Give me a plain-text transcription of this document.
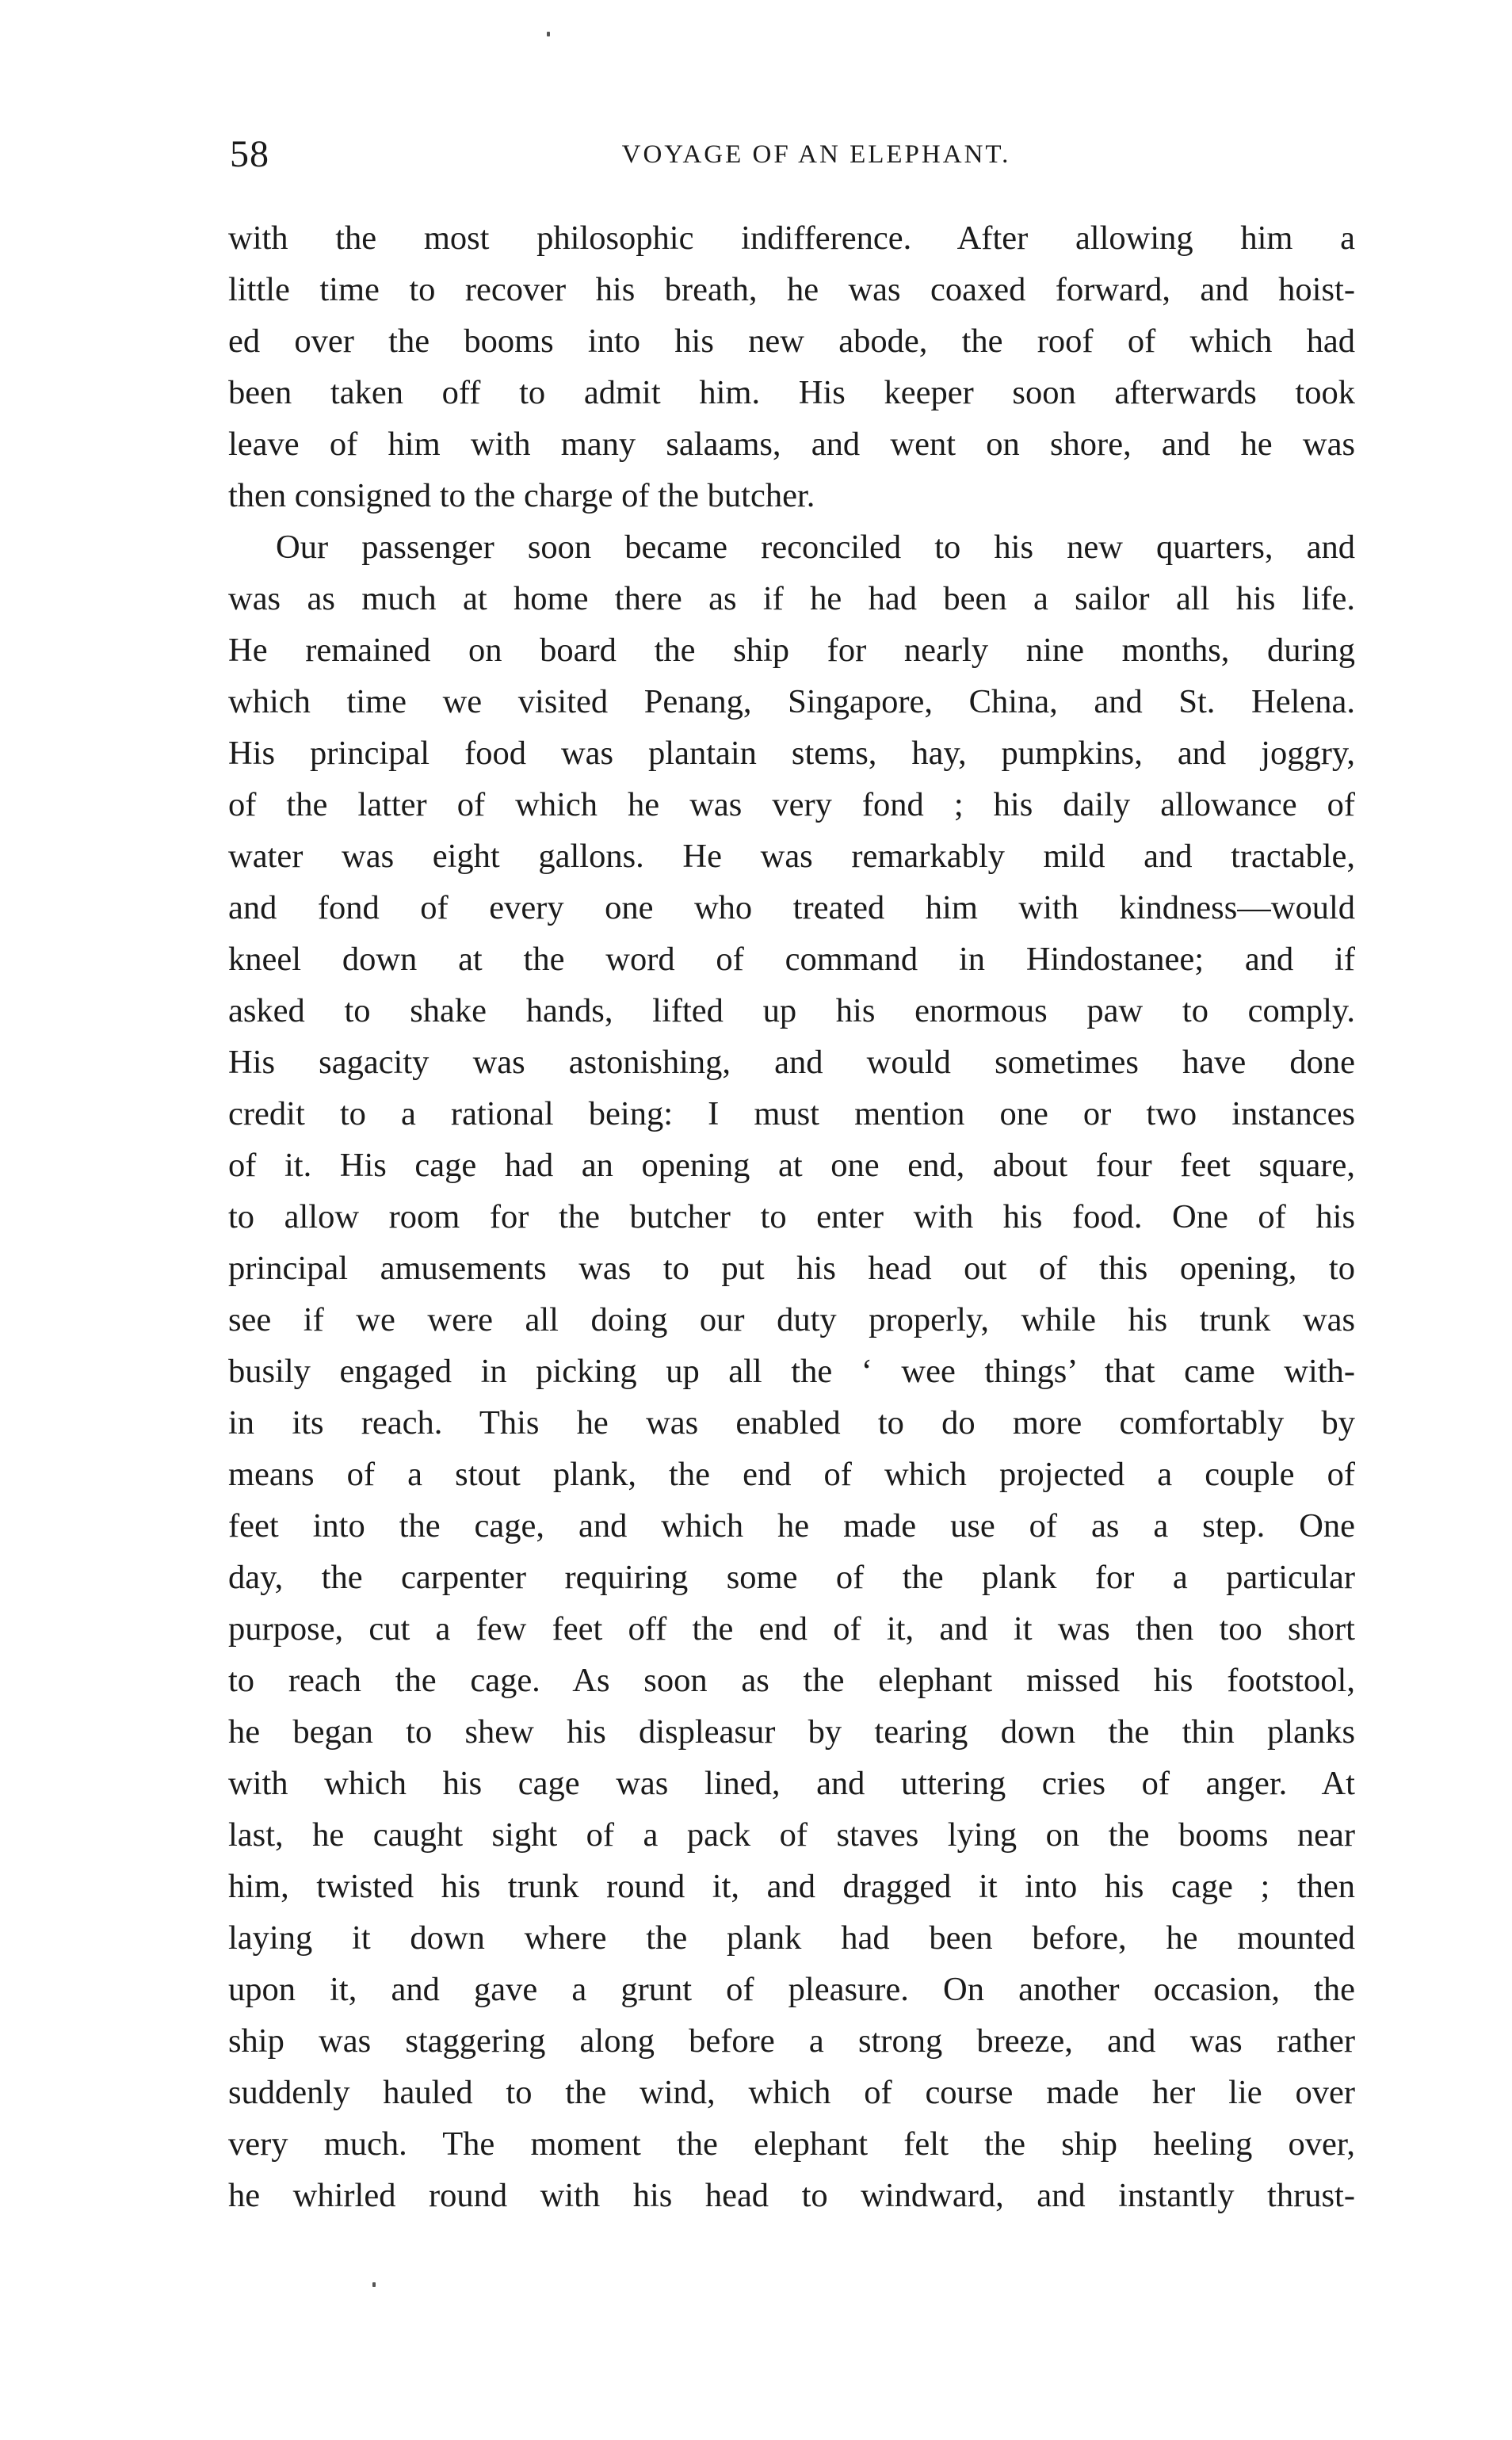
58	VOYAGE OF AN ELEPHANT.
with the most philosophic indifference. After allowing him a
little time to recover his breath, he was coaxed forward, and hoist-
ed over the booms into his new abode, the roof of which had
been taken off to admit him. His keeper soon afterwards took
leave of him with many salaams, and went on shore, and he was
then consigned to the charge of the butcher.
Our passenger soon became reconciled to his new quarters, and
was as much at home there as if he had been a sailor all his life.
He remained on board the ship for nearly nine months, during
which time we visited Penang, Singapore, China, and St. Helena.
His principal food was plantain stems, hay, pumpkins, and joggry,
of the latter of which he was very fond ; his daily allowance of
water was eight gallons. He was remarkably mild and tractable,
and fond of every one who treated him with kindness—would
kneel down at the word of command in Hindostanee; and if
asked to shake hands, lifted up his enormous paw to comply.
His sagacity was astonishing, and would sometimes have done
credit to a rational being: I must mention one or two instances
of it. His cage had an opening at one end, about four feet square,
to allow room for the butcher to enter with his food. One of his
principal amusements was to put his head out of this opening, to
see if we were all doing our duty properly, while his trunk was
busily engaged in picking up all the ‘ wee things’ that came with-
in its reach. This he was enabled to do more comfortably by
means of a stout plank, the end of which projected a couple of
feet into the cage, and which he made use of as a step. One
day, the carpenter requiring some of the plank for a particular
purpose, cut a few feet off the end of it, and it was then too short
to reach the cage. As soon as the elephant missed his footstool,
he began to shew his displeasur by tearing down the thin planks
with which his cage was lined, and uttering cries of anger. At
last, he caught sight of a pack of staves lying on the booms near
him, twisted his trunk round it, and dragged it into his cage ; then
laying it down where the plank had been before, he mounted
upon it, and gave a grunt of pleasure. On another occasion, the
ship was staggering along before a strong breeze, and was rather
suddenly hauled to the wind, which of course made her lie over
very much. The moment the elephant felt the ship heeling over,
he whirled round with his head to windward, and instantly thrust-
